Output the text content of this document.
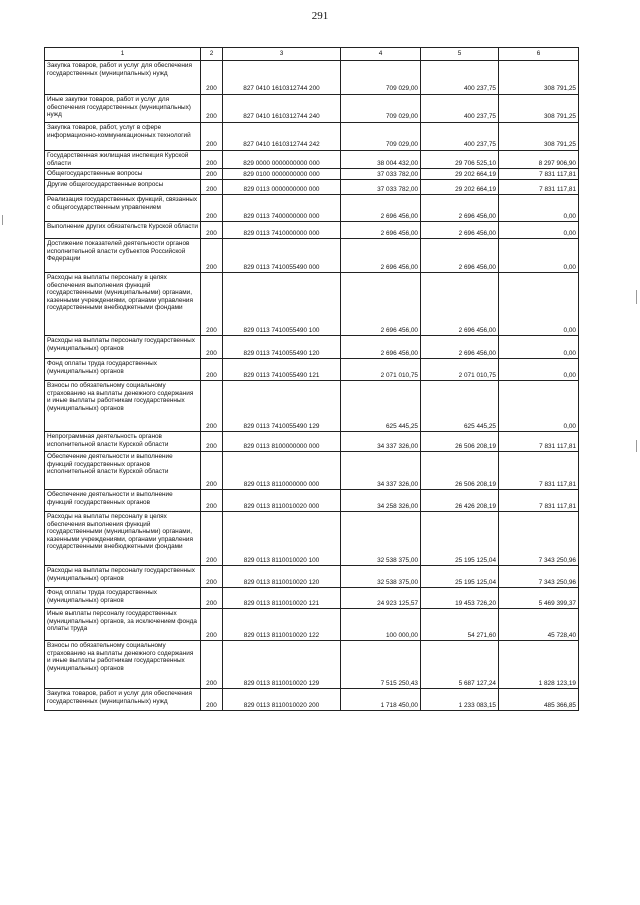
291
1	2	3	4	5	6
Закупка товаров, работ и услуг для обеспечения государственных (муниципальных) нужд	200	827 0410 1610312744 200	709 029,00	400 237,75	308 791,25
Иные закупки товаров, работ и услуг для обеспечения государственных (муниципальных) нужд	200	827 0410 1610312744 240	709 029,00	400 237,75	308 791,25
Закупка товаров, работ, услуг в сфере информационно-коммуникационных технологий	200	827 0410 1610312744 242	709 029,00	400 237,75	308 791,25
Государственная жилищная инспекция Курской области	200	829 0000 0000000000 000	38 004 432,00	29 706 525,10	8 297 906,90
Общегосударственные вопросы	200	829 0100 0000000000 000	37 033 782,00	29 202 664,19	7 831 117,81
Другие общегосударственные вопросы	200	829 0113 0000000000 000	37 033 782,00	29 202 664,19	7 831 117,81
Реализация государственных функций, связанных с общегосударственным управлением	200	829 0113 7400000000 000	2 696 456,00	2 696 456,00	0,00
Выполнение других обязательств Курской области	200	829 0113 7410000000 000	2 696 456,00	2 696 456,00	0,00
Достижение показателей деятельности органов исполнительной власти субъектов Российской Федерации	200	829 0113 7410055490 000	2 696 456,00	2 696 456,00	0,00
Расходы на выплаты персоналу в целях обеспечения выполнения функций государственными (муниципальными) органами, казенными учреждениями, органами управления государственными внебюджетными фондами	200	829 0113 7410055490 100	2 696 456,00	2 696 456,00	0,00
Расходы на выплаты персоналу государственных (муниципальных) органов	200	829 0113 7410055490 120	2 696 456,00	2 696 456,00	0,00
Фонд оплаты труда государственных (муниципальных) органов	200	829 0113 7410055490 121	2 071 010,75	2 071 010,75	0,00
Взносы по обязательному социальному страхованию на выплаты денежного содержания и иные выплаты работникам государственных (муниципальных) органов	200	829 0113 7410055490 129	625 445,25	625 445,25	0,00
Непрограммная деятельность органов исполнительной власти Курской области	200	829 0113 8100000000 000	34 337 326,00	26 506 208,19	7 831 117,81
Обеспечение деятельности и выполнение функций государственных органов исполнительной власти Курской области	200	829 0113 8110000000 000	34 337 326,00	26 506 208,19	7 831 117,81
Обеспечение деятельности и выполнение функций государственных органов	200	829 0113 8110010020 000	34 258 326,00	26 426 208,19	7 831 117,81
Расходы на выплаты персоналу в целях обеспечения выполнения функций государственными (муниципальными) органами, казенными учреждениями, органами управления государственными внебюджетными фондами	200	829 0113 8110010020 100	32 538 375,00	25 195 125,04	7 343 250,96
Расходы на выплаты персоналу государственных (муниципальных) органов	200	829 0113 8110010020 120	32 538 375,00	25 195 125,04	7 343 250,96
Фонд оплаты труда государственных (муниципальных) органов	200	829 0113 8110010020 121	24 923 125,57	19 453 726,20	5 469 399,37
Иные выплаты персоналу государственных (муниципальных) органов, за исключением фонда оплаты труда	200	829 0113 8110010020 122	100 000,00	54 271,60	45 728,40
Взносы по обязательному социальному страхованию на выплаты денежного содержания и иные выплаты работникам государственных (муниципальных) органов	200	829 0113 8110010020 129	7 515 250,43	5 687 127,24	1 828 123,19
Закупка товаров, работ и услуг для обеспечения государственных (муниципальных) нужд	200	829 0113 8110010020 200	1 718 450,00	1 233 083,15	485 366,85
